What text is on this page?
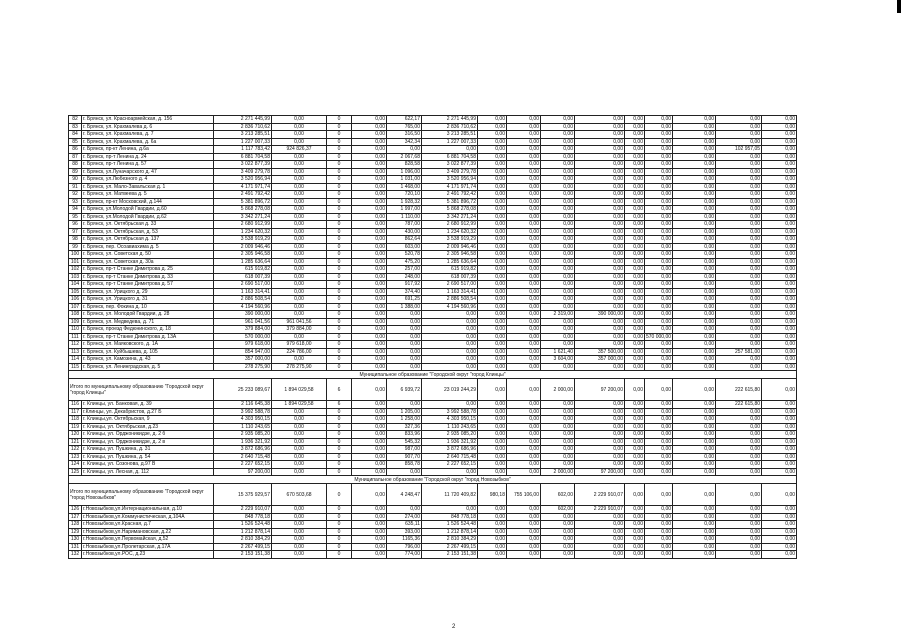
82	г. Брянск, ул. Красноармейская, д. 156	2 271 445,99	0,00	0	0,00	622,17	2 271 445,99	0,00	0,00	0,00	0,00	0,00	0,00	0,00	0,00	0,00
83	г. Брянск, ул. Крахмалева д. 6	2 836 710,62	0,00	0	0,00	765,00	2 836 710,62	0,00	0,00	0,00	0,00	0,00	0,00	0,00	0,00	0,00
84	г. Брянск, ул. Крахмалева, д. 7	3 213 285,51	0,00	0	0,00	316,50	3 213 285,51	0,00	0,00	0,00	0,00	0,00	0,00	0,00	0,00	0,00
85	г. Брянск, ул. Крахмалева, д. 6а	1 227 007,33	0,00	0	0,00	342,34	1 227 007,33	0,00	0,00	0,00	0,00	0,00	0,00	0,00	0,00	0,00
86	г. Брянск, пр-кт Ленина, д.6а	1 117 783,42	924 826,37	0	0,00	0,00	0,00	0,00	0,00	0,00	0,00	0,00	0,00	0,00	102 957,05	0,00
87	г. Брянск, пр-т Ленина д. 24	6 881 704,58	0,00	0	0,00	2 067,68	6 881 704,58	0,00	0,00	0,00	0,00	0,00	0,00	0,00	0,00	0,00
88	г. Брянск, пр-т Ленина д. 57	3 022 877,39	0,00	0	0,00	828,58	3 022 877,39	0,00	0,00	0,00	0,00	0,00	0,00	0,00	0,00	0,00
89	г. Брянск, ул.Луначарского д. 47	3 409 279,78	0,00	0	0,00	1 096,00	3 409 279,78	0,00	0,00	0,00	0,00	0,00	0,00	0,00	0,00	0,00
90	г. Брянск, ул.Любезного д. 4	3 520 956,94	0,00	0	0,00	1 031,00	3 520 956,94	0,00	0,00	0,00	0,00	0,00	0,00	0,00	0,00	0,00
91	г. Брянск, ул. Мало-Завальская д. 1	4 171 971,74	0,00	0	0,00	1 468,00	4 171 971,74	0,00	0,00	0,00	0,00	0,00	0,00	0,00	0,00	0,00
92	г. Брянск, ул. Матвеева д. 5	2 491 792,42	0,00	0	0,00	720,10	2 491 792,42	0,00	0,00	0,00	0,00	0,00	0,00	0,00	0,00	0,00
93	г. Брянск, пр-кт Московский, д.144	5 381 896,72	0,00	0	0,00	1 928,32	5 381 896,72	0,00	0,00	0,00	0,00	0,00	0,00	0,00	0,00	0,00
94	г. Брянск, ул.Молодой Гвардии, д.60	5 868 278,08	0,00	0	0,00	1 997,00	5 868 278,08	0,00	0,00	0,00	0,00	0,00	0,00	0,00	0,00	0,00
95	г. Брянск, ул.Молодой Гвардии, д.62	3 342 271,24	0,00	0	0,00	1 110,00	3 342 271,24	0,00	0,00	0,00	0,00	0,00	0,00	0,00	0,00	0,00
96	г. Брянск, ул. Октябрьская д. 33	2 680 912,99	0,00	0	0,00	787,00	2 680 912,99	0,00	0,00	0,00	0,00	0,00	0,00	0,00	0,00	0,00
97	г. Брянск, ул. Октябрьская, д. 53	1 234 620,32	0,00	0	0,00	430,00	1 234 620,32	0,00	0,00	0,00	0,00	0,00	0,00	0,00	0,00	0,00
98	г. Брянск, ул. Октябрьская д. 137	3 538 919,29	0,00	0	0,00	862,64	3 538 919,29	0,00	0,00	0,00	0,00	0,00	0,00	0,00	0,00	0,00
99	г. Брянск, пер. Осоавиахима д. 5	2 009 946,46	0,00	0	0,00	603,00	2 009 946,46	0,00	0,00	0,00	0,00	0,00	0,00	0,00	0,00	0,00
100	г. Брянск, ул. Советская д. 50	2 305 946,58	0,00	0	0,00	520,78	2 305 946,58	0,00	0,00	0,00	0,00	0,00	0,00	0,00	0,00	0,00
101	г. Брянск, ул. Советская д. 30а	1 285 636,64	0,00	0	0,00	475,20	1 285 636,64	0,00	0,00	0,00	0,00	0,00	0,00	0,00	0,00	0,00
102	г. Брянск, пр-т Станке Димитрова д. 25	615 919,82	0,00	0	0,00	257,00	615 919,82	0,00	0,00	0,00	0,00	0,00	0,00	0,00	0,00	0,00
103	г. Брянск, пр-т Станке Димитрова д. 33	618 007,39	0,00	0	0,00	248,00	618 007,39	0,00	0,00	0,00	0,00	0,00	0,00	0,00	0,00	0,00
104	г. Брянск, пр-т Станке Димитрова д. 57	2 690 517,00	0,00	0	0,00	917,92	2 690 517,00	0,00	0,00	0,00	0,00	0,00	0,00	0,00	0,00	0,00
105	г. Брянск, ул. Урицкого д. 29	1 163 314,41	0,00	0	0,00	374,40	1 163 314,41	0,00	0,00	0,00	0,00	0,00	0,00	0,00	0,00	0,00
106	г. Брянск, ул. Урицкого д. 31	2 886 508,54	0,00	0	0,00	691,25	2 886 508,54	0,00	0,00	0,00	0,00	0,00	0,00	0,00	0,00	0,00
107	г. Брянск, пер. Фокина д. 10	4 194 560,96	0,00	0	0,00	1 388,00	4 194 560,96	0,00	0,00	0,00	0,00	0,00	0,00	0,00	0,00	0,00
108	г. Брянск, ул. Молодой Гвардии, д. 28	390 000,00	0,00	0	0,00	0,00	0,00	0,00	0,00	2 319,00	390 000,00	0,00	0,00	0,00	0,00	0,00
109	г. Брянск, ул. Медведева, д. 71	961 041,56	961 041,56	0	0,00	0,00	0,00	0,00	0,00	0,00	0,00	0,00	0,00	0,00	0,00	0,00
110	г. Брянск, проезд Федюнинского, д. 18	379 884,00	379 884,00	0	0,00	0,00	0,00	0,00	0,00	0,00	0,00	0,00	0,00	0,00	0,00	0,00
111	г. Брянск, пр-т Станке Димитрова д. 13А	570 000,00	0,00	0	0,00	0,00	0,00	0,00	0,00	0,00	0,00	0,00	570 000,00	0,00	0,00	0,00
112	г. Брянск, ул. Маяковского, д. 1А	979 618,00	979 618,00	0	0,00	0,00	0,00	0,00	0,00	0,00	0,00	0,00	0,00	0,00	0,00	0,00
113	г. Брянск, ул. Куйбышева, д. 105	854 947,00	224 786,00	0	0,00	0,00	0,00	0,00	0,00	1 621,40	357 500,00	0,00	0,00	0,00	257 581,00	0,00
114	г. Брянск, ул. Камозина, д. 43	357 000,00	0,00	0	0,00	0,00	0,00	0,00	0,00	3 604,00	357 000,00	0,00	0,00	0,00	0,00	0,00
115	г. Брянск, ул. Ленинградская, д. 5	278 275,90	278 275,90	0	0,00	0,00	0,00	0,00	0,00	0,00	0,00	0,00	0,00	0,00	0,00	0,00
Муниципальное образование "Городской округ "город Клинцы"																
Итого по муниципальному образованию "Городской округ "город Клинцы"		25 233 089,67	1 894 029,58	6	0,00	6 939,72	23 019 244,29	0,00	0,00	2 000,00	97 200,00	0,00	0,00	0,00	222 615,80	0,00
116	г. Клинцы, ул. Банковая, д. 39	2 116 645,38	1 894 029,58	6	0,00	0,00	0,00	0,00	0,00	0,00	0,00	0,00	0,00	0,00	222 615,80	0,00
117	г.Клинцы, ул. Декабристов, д.27 Б	3 992 588,78	0,00	0	0,00	1 205,00	3 992 588,78	0,00	0,00	0,00	0,00	0,00	0,00	0,00	0,00	0,00
118	г. Клинцы,ул. Октябрьская, 9	4 303 950,15	0,00	0	0,00	1 258,00	4 303 950,15	0,00	0,00	0,00	0,00	0,00	0,00	0,00	0,00	0,00
119	г. Клинцы, ул. Октябрьская, д.23	1 110 243,65	0,00	0	0,00	327,36	1 110 243,65	0,00	0,00	0,00	0,00	0,00	0,00	0,00	0,00	0,00
120	г. Клинцы, ул. Орджоникидзе, д. 2 б	2 935 085,20	0,00	0	0,00	833,96	2 935 085,20	0,00	0,00	0,00	0,00	0,00	0,00	0,00	0,00	0,00
121	г. Клинцы, ул. Орджоникидзе, д. 2 в	1 936 321,92	0,00	0	0,00	545,32	1 936 321,92	0,00	0,00	0,00	0,00	0,00	0,00	0,00	0,00	0,00
122	г. Клинцы, ул. Пушкина, д. 31	3 872 686,96	0,00	0	0,00	987,00	3 872 686,96	0,00	0,00	0,00	0,00	0,00	0,00	0,00	0,00	0,00
123	г. Клинцы, ул. Пушкина, д. 54	2 640 715,48	0,00	0	0,00	907,70	2 640 715,48	0,00	0,00	0,00	0,00	0,00	0,00	0,00	0,00	0,00
124	г. Клинцы, ул. Созонова, д.97 В	2 227 652,15	0,00	0	0,00	858,78	2 227 652,15	0,00	0,00	0,00	0,00	0,00	0,00	0,00	0,00	0,00
125	г. Клинцы, ул. Лесная, д. 112	97 200,00	0,00	0	0,00	0,00	0,00	0,00	0,00	2 000,00	97 200,00	0,00	0,00	0,00	0,00	0,00
Муниципальное образование "Городской округ "город Новозыбков"																
Итого по муниципальному образованию "Городской округ "город Новозыбков"		15 375 929,57	670 503,68	0	0,00	4 248,47	11 720 409,82	980,18	755 106,00	602,00	2 229 910,07	0,00	0,00	0,00	0,00	0,00
126	г.Новозыбков,ул.Интернациональная, д.10	2 229 910,07	0,00	0	0,00	0,00	0,00	0,00	0,00	602,00	2 229 910,07	0,00	0,00	0,00	0,00	0,00
127	г.Новозыбков,ул.Коммунистическая, д.104А	848 778,18	0,00	0	0,00	274,00	848 778,18	0,00	0,00	0,00	0,00	0,00	0,00	0,00	0,00	0,00
128	г.Новозыбков,ул.Красная, д.7	1 526 524,48	0,00	0	0,00	635,11	1 526 524,48	0,00	0,00	0,00	0,00	0,00	0,00	0,00	0,00	0,00
129	г.Новозыбков,ул.Наримановская, д.22	1 212 878,14	0,00	0	0,00	393,00	1 212 878,14	0,00	0,00	0,00	0,00	0,00	0,00	0,00	0,00	0,00
130	г.Новозыбков,ул.Первомайская, д.52	2 810 384,29	0,00	0	0,00	1165,36	2 810 384,29	0,00	0,00	0,00	0,00	0,00	0,00	0,00	0,00	0,00
131	г.Новозыбков,ул.Пролетарская, д.17А	2 267 499,15	0,00	0	0,00	796,00	2 267 499,15	0,00	0,00	0,00	0,00	0,00	0,00	0,00	0,00	0,00
132	г.Новозыбков,ул.РОС, д.23	2 153 151,38	0,00	0	0,00	774,00	2 153 151,38	0,00	0,00	0,00	0,00	0,00	0,00	0,00	0,00	0,00
2
